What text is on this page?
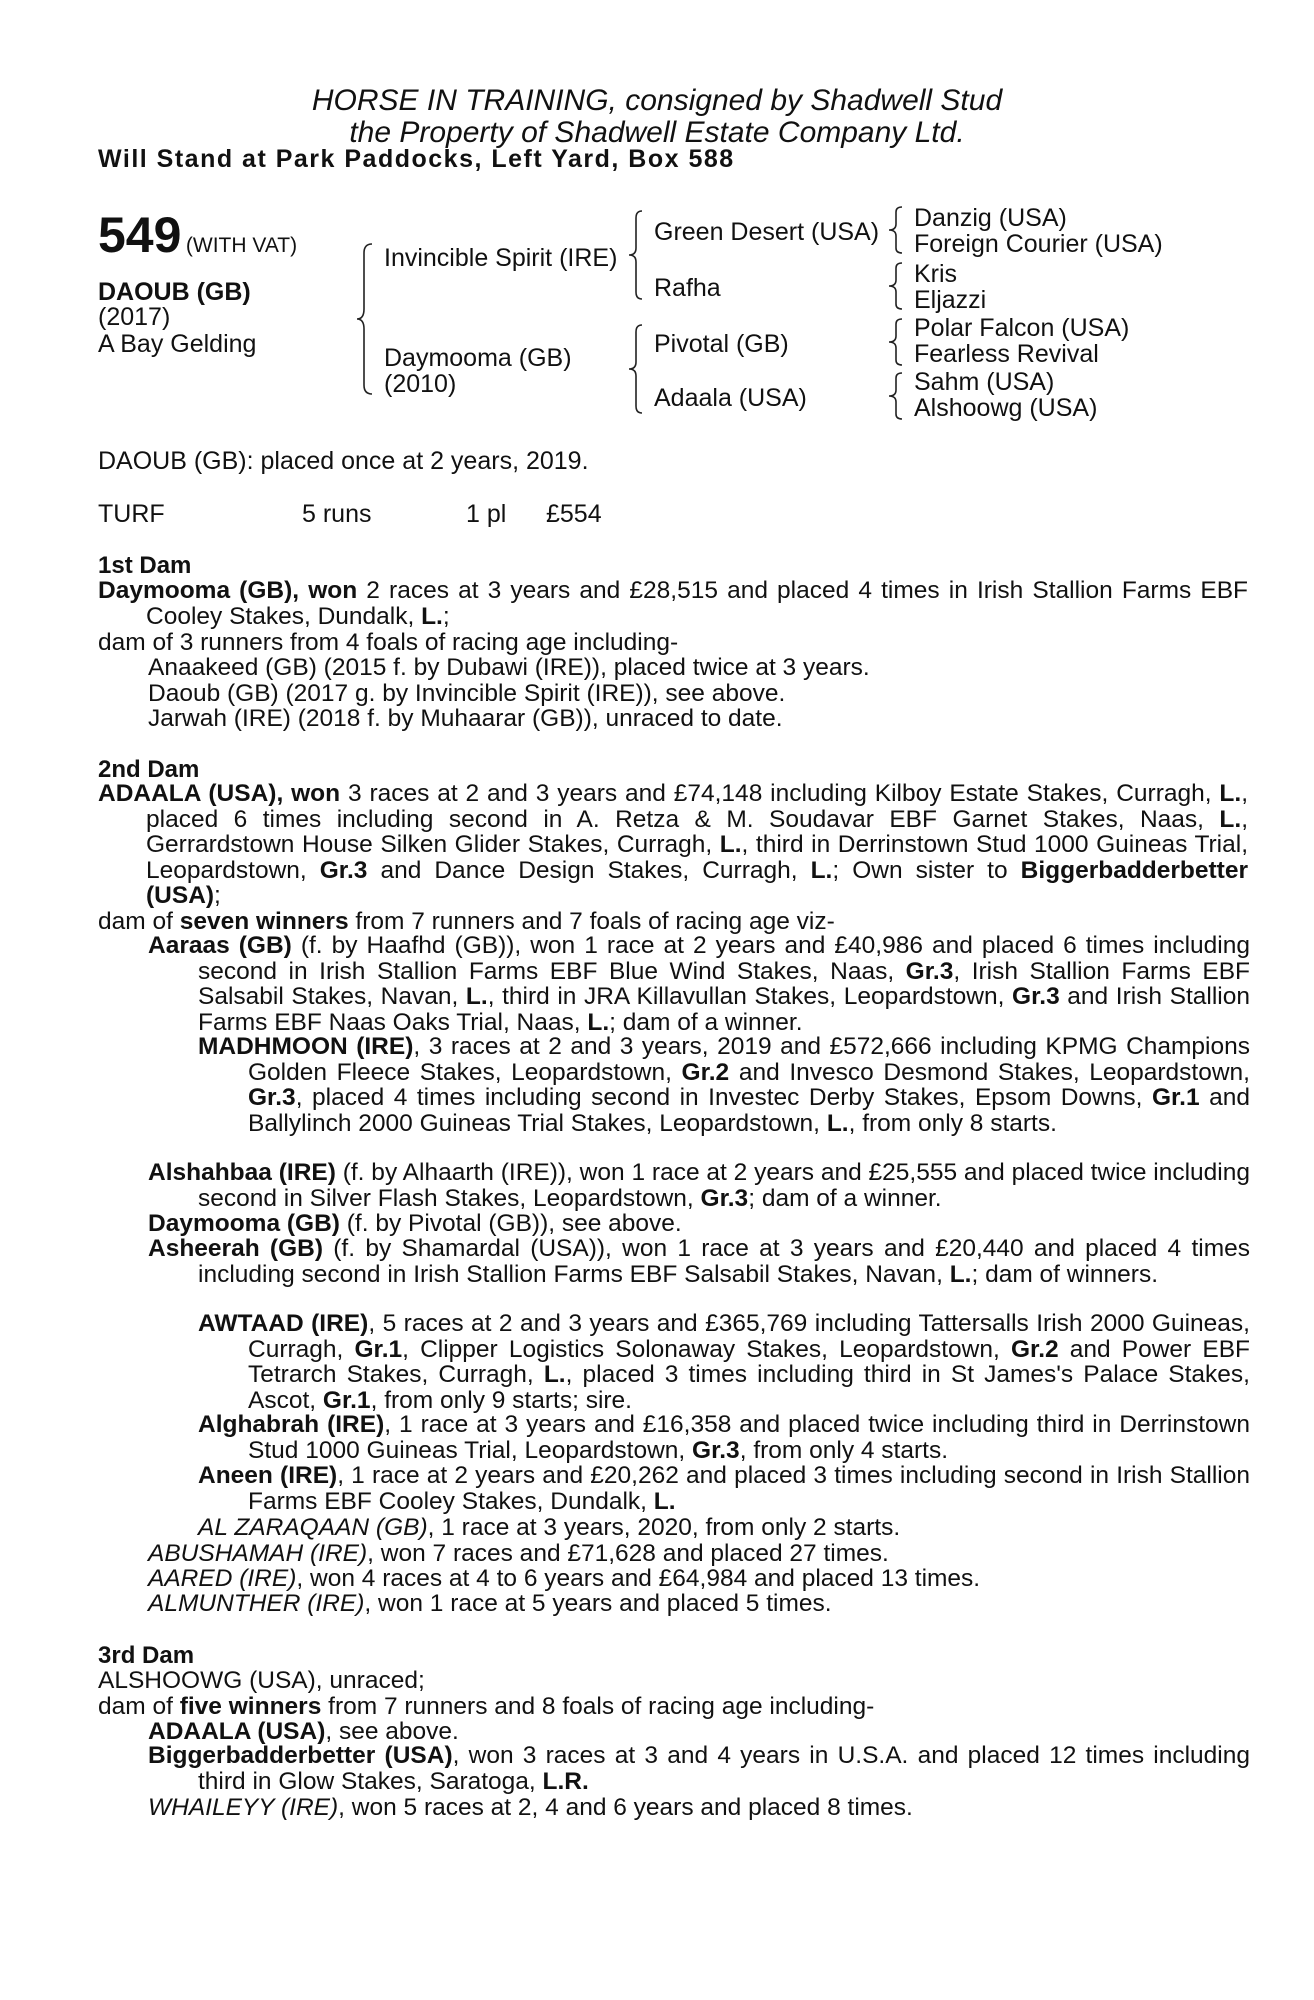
HORSE IN TRAINING, consigned by Shadwell Stud
the Property of Shadwell Estate Company Ltd.
Will Stand at Park Paddocks, Left Yard, Box 588
549 (WITH VAT)
DAOUB (GB)
(2017)
A Bay Gelding
Invincible Spirit (IRE)
Daymooma (GB)
(2010)
Green Desert (USA)
Rafha
Pivotal (GB)
Adaala (USA)
Danzig (USA)
Foreign Courier (USA)
Kris
Eljazzi
Polar Falcon (USA)
Fearless Revival
Sahm (USA)
Alshoowg (USA)
DAOUB (GB): placed once at 2 years, 2019.
TURF	5 runs	1 pl £554
1st Dam
Daymooma (GB), won 2 races at 3 years and £28,515 and placed 4 times in Irish Stallion Farms EBF Cooley Stakes, Dundalk, L.;
dam of 3 runners from 4 foals of racing age including-
Anaakeed (GB) (2015 f. by Dubawi (IRE)), placed twice at 3 years.
Daoub (GB) (2017 g. by Invincible Spirit (IRE)), see above.
Jarwah (IRE) (2018 f. by Muhaarar (GB)), unraced to date.
2nd Dam
ADAALA (USA), won 3 races at 2 and 3 years and £74,148 including Kilboy Estate Stakes, Curragh, L., placed 6 times including second in A. Retza & M. Soudavar EBF Garnet Stakes, Naas, L., Gerrardstown House Silken Glider Stakes, Curragh, L., third in Derrinstown Stud 1000 Guineas Trial, Leopardstown, Gr.3 and Dance Design Stakes, Curragh, L.; Own sister to Biggerbadderbetter (USA);
dam of seven winners from 7 runners and 7 foals of racing age viz-
Aaraas (GB) (f. by Haafhd (GB)), won 1 race at 2 years and £40,986 and placed 6 times including second in Irish Stallion Farms EBF Blue Wind Stakes, Naas, Gr.3, Irish Stallion Farms EBF Salsabil Stakes, Navan, L., third in JRA Killavullan Stakes, Leopardstown, Gr.3 and Irish Stallion Farms EBF Naas Oaks Trial, Naas, L.; dam of a winner.
MADHMOON (IRE), 3 races at 2 and 3 years, 2019 and £572,666 including KPMG Champions Golden Fleece Stakes, Leopardstown, Gr.2 and Invesco Desmond Stakes, Leopardstown, Gr.3, placed 4 times including second in Investec Derby Stakes, Epsom Downs, Gr.1 and Ballylinch 2000 Guineas Trial Stakes, Leopardstown, L., from only 8 starts.
Alshahbaa (IRE) (f. by Alhaarth (IRE)), won 1 race at 2 years and £25,555 and placed twice including second in Silver Flash Stakes, Leopardstown, Gr.3; dam of a winner.
Daymooma (GB) (f. by Pivotal (GB)), see above.
Asheerah (GB) (f. by Shamardal (USA)), won 1 race at 3 years and £20,440 and placed 4 times including second in Irish Stallion Farms EBF Salsabil Stakes, Navan, L.; dam of winners.
AWTAAD (IRE), 5 races at 2 and 3 years and £365,769 including Tattersalls Irish 2000 Guineas, Curragh, Gr.1, Clipper Logistics Solonaway Stakes, Leopardstown, Gr.2 and Power EBF Tetrarch Stakes, Curragh, L., placed 3 times including third in St James's Palace Stakes, Ascot, Gr.1, from only 9 starts; sire.
Alghabrah (IRE), 1 race at 3 years and £16,358 and placed twice including third in Derrinstown Stud 1000 Guineas Trial, Leopardstown, Gr.3, from only 4 starts.
Aneen (IRE), 1 race at 2 years and £20,262 and placed 3 times including second in Irish Stallion Farms EBF Cooley Stakes, Dundalk, L.
AL ZARAQAAN (GB), 1 race at 3 years, 2020, from only 2 starts.
ABUSHAMAH (IRE), won 7 races and £71,628 and placed 27 times.
AARED (IRE), won 4 races at 4 to 6 years and £64,984 and placed 13 times.
ALMUNTHER (IRE), won 1 race at 5 years and placed 5 times.
3rd Dam
ALSHOOWG (USA), unraced;
dam of five winners from 7 runners and 8 foals of racing age including-
ADAALA (USA), see above.
Biggerbadderbetter (USA), won 3 races at 3 and 4 years in U.S.A. and placed 12 times including third in Glow Stakes, Saratoga, L.R.
WHAILEYY (IRE), won 5 races at 2, 4 and 6 years and placed 8 times.
